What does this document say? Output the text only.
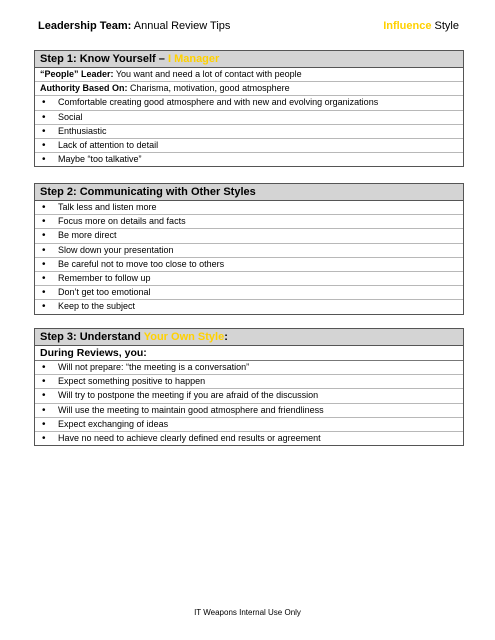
Leadership Team: Annual Review Tips	Influence Style
Step 1: Know Yourself – I Manager
“People” Leader: You want and need a lot of contact with people
Authority Based On: Charisma, motivation, good atmosphere
• Comfortable creating good atmosphere and with new and evolving organizations
• Social
• Enthusiastic
• Lack of attention to detail
• Maybe “too talkative”
Step 2: Communicating with Other Styles
• Talk less and listen more
• Focus more on details and facts
• Be more direct
• Slow down your presentation
• Be careful not to move too close to others
• Remember to follow up
• Don’t get too emotional
• Keep to the subject
Step 3: Understand Your Own Style:
During Reviews, you:
• Will not prepare: “the meeting is a conversation”
• Expect something positive to happen
• Will try to postpone the meeting if you are afraid of the discussion
• Will use the meeting to maintain good atmosphere and friendliness
• Expect exchanging of ideas
• Have no need to achieve clearly defined end results or agreement
IT Weapons Internal Use Only
